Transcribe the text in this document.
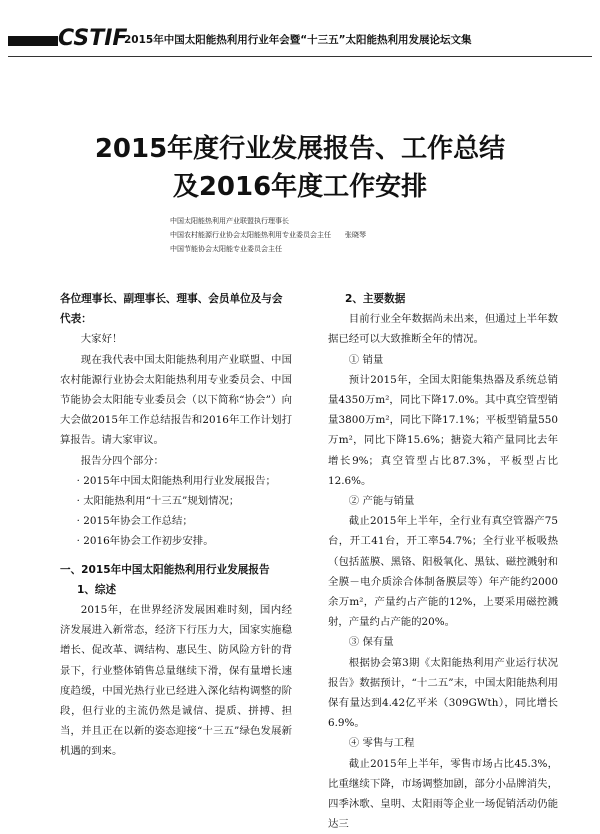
CSTIF
2015年中国太阳能热利用行业年会暨“十三五”太阳能热利用发展论坛文集
2015年度行业发展报告、工作总结
及2016年度工作安排
中国太阳能热利用产业联盟执行理事长
中国农村能源行业协会太阳能热利用专业委员会主任 张晓琴
中国节能协会太阳能专业委员会主任

各位理事长、副理事长、理事、会员单位及与会代表：

大家好！

现在我代表中国太阳能热利用产业联盟、中国农村能源行业协会太阳能热利用专业委员会、中国节能协会太阳能专业委员会（以下简称“协会”）向大会做2015年工作总结报告和2016年工作计划打算报告。请大家审议。

报告分四个部分：

· 2015年中国太阳能热利用行业发展报告；

· 太阳能热利用“十三五”规划情况；

· 2015年协会工作总结；

· 2016年协会工作初步安排。

一、2015年中国太阳能热利用行业发展报告

1、综述

2015年，在世界经济发展困难时刻，国内经济发展进入新常态，经济下行压力大，国家实施稳增长、促改革、调结构、惠民生、防风险方针的背景下，行业整体销售总量继续下滑，保有量增长速度趋缓，中国光热行业已经进入深化结构调整的阶段，但行业的主流仍然是诚信、提质、拼搏、担当，并且正在以新的姿态迎接“十三五”绿色发展新机遇的到来。

2、主要数据

目前行业全年数据尚未出来，但通过上半年数据已经可以大致推断全年的情况。

① 销量

预计2015年，全国太阳能集热器及系统总销量4350万m²，同比下降17.0%。其中真空管型销量3800万m²，同比下降17.1%；平板型销量550万m²，同比下降15.6%；搪瓷大箱产量同比去年增长9%；真空管型占比87.3%，平板型占比12.6%。

② 产能与销量

截止2015年上半年，全行业有真空管器产75台，开工41台，开工率54.7%；全行业平板吸热（包括蓝膜、黑铬、阳极氧化、黑钛、磁控溅射和全膜－电介质涂合体制备膜层等）年产能约2000余万m²，产量约占产能的12%，上要采用磁控溅射，产量约占产能的20%。

③ 保有量

根据协会第3期《太阳能热利用产业运行状况报告》数据预计，“十二五”末，中国太阳能热利用保有量达到4.42亿平米（309GWth），同比增长6.9%。

④ 零售与工程

截止2015年上半年，零售市场占比45.3%，比重继续下降，市场调整加剧，部分小品牌消失，四季沐歌、皇明、太阳雨等企业一场促销活动仍能达三
